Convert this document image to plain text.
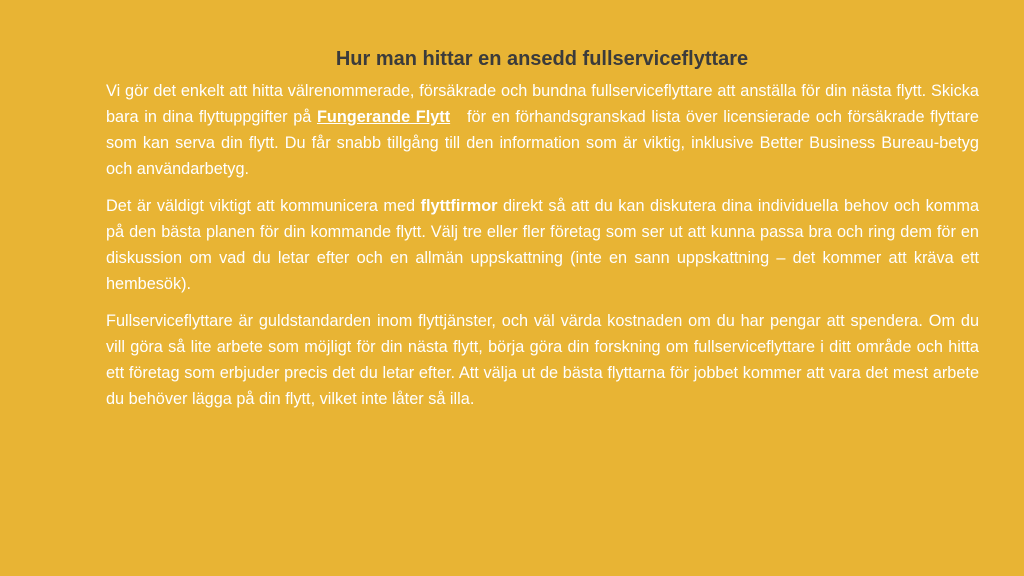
Hur man hittar en ansedd fullserviceflyttare

Vi gör det enkelt att hitta välrenommerade, försäkrade och bundna fullserviceflyttare att anställa för din nästa flytt. Skicka bara in dina flyttuppgifter på Fungerande Flytt   för en förhandsgranskad lista över licensierade och försäkrade flyttare som kan serva din flytt. Du får snabb tillgång till den information som är viktig, inklusive Better Business Bureau-betyg och användarbetyg.

Det är väldigt viktigt att kommunicera med flyttfirmor direkt så att du kan diskutera dina individuella behov och komma på den bästa planen för din kommande flytt. Välj tre eller fler företag som ser ut att kunna passa bra och ring dem för en diskussion om vad du letar efter och en allmän uppskattning (inte en sann uppskattning – det kommer att kräva ett hembesök).

Fullserviceflyttare är guldstandarden inom flyttjänster, och väl värda kostnaden om du har pengar att spendera. Om du vill göra så lite arbete som möjligt för din nästa flytt, börja göra din forskning om fullserviceflyttare i ditt område och hitta ett företag som erbjuder precis det du letar efter. Att välja ut de bästa flyttarna för jobbet kommer att vara det mest arbete du behöver lägga på din flytt, vilket inte låter så illa.
